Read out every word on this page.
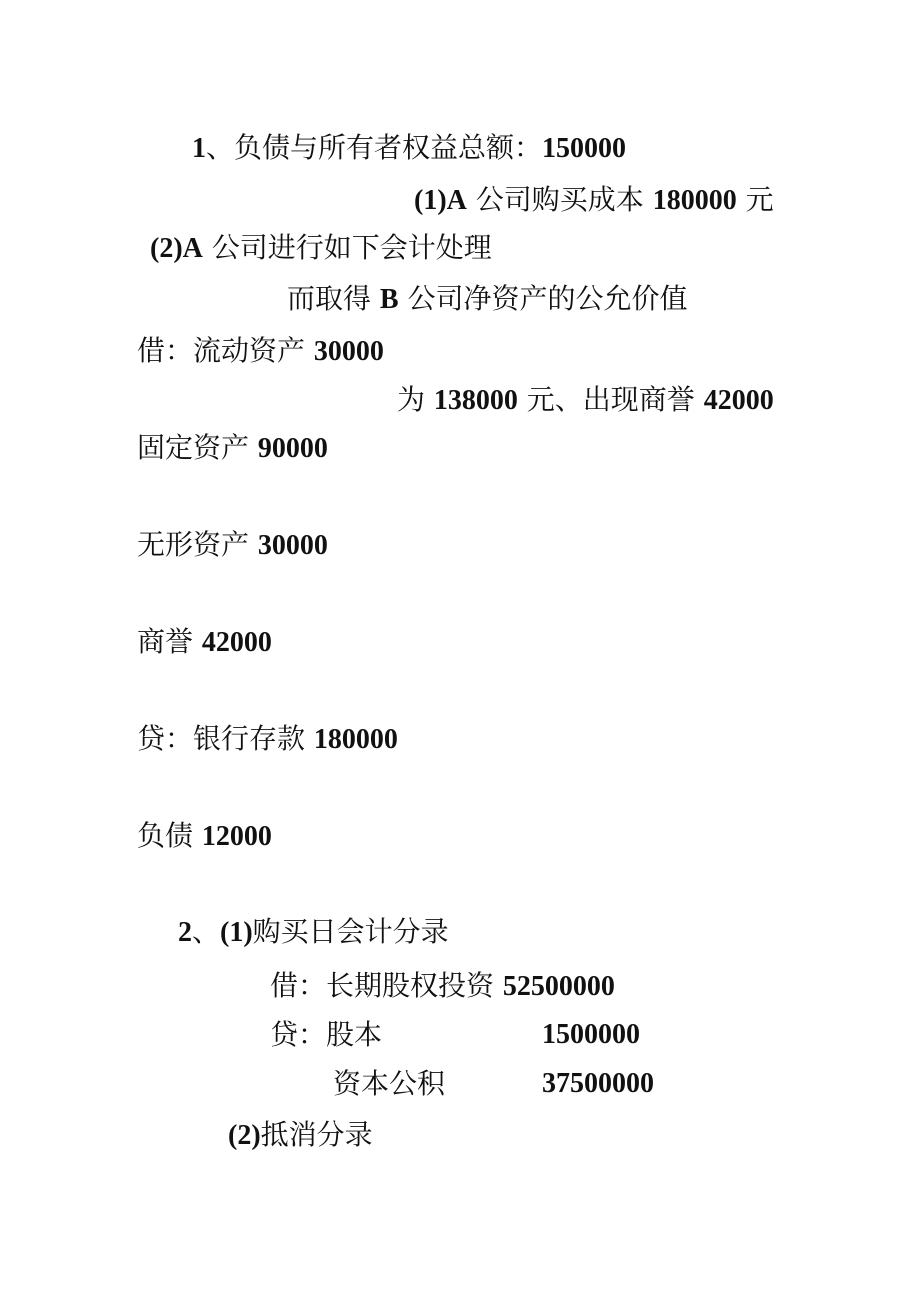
1、负债与所有者权益总额：150000
(1)A 公司购买成本 180000 元
(2)A 公司进行如下会计处理
而取得 B 公司净资产的公允价值
借：流动资产 30000
为 138000 元、出现商誉 42000
固定资产 90000
无形资产 30000
商誉 42000
贷：银行存款 180000
负债 12000
2、(1)购买日会计分录
借：长期股权投资 52500000
贷：股本	1500000
资本公积	37500000
(2)抵消分录
